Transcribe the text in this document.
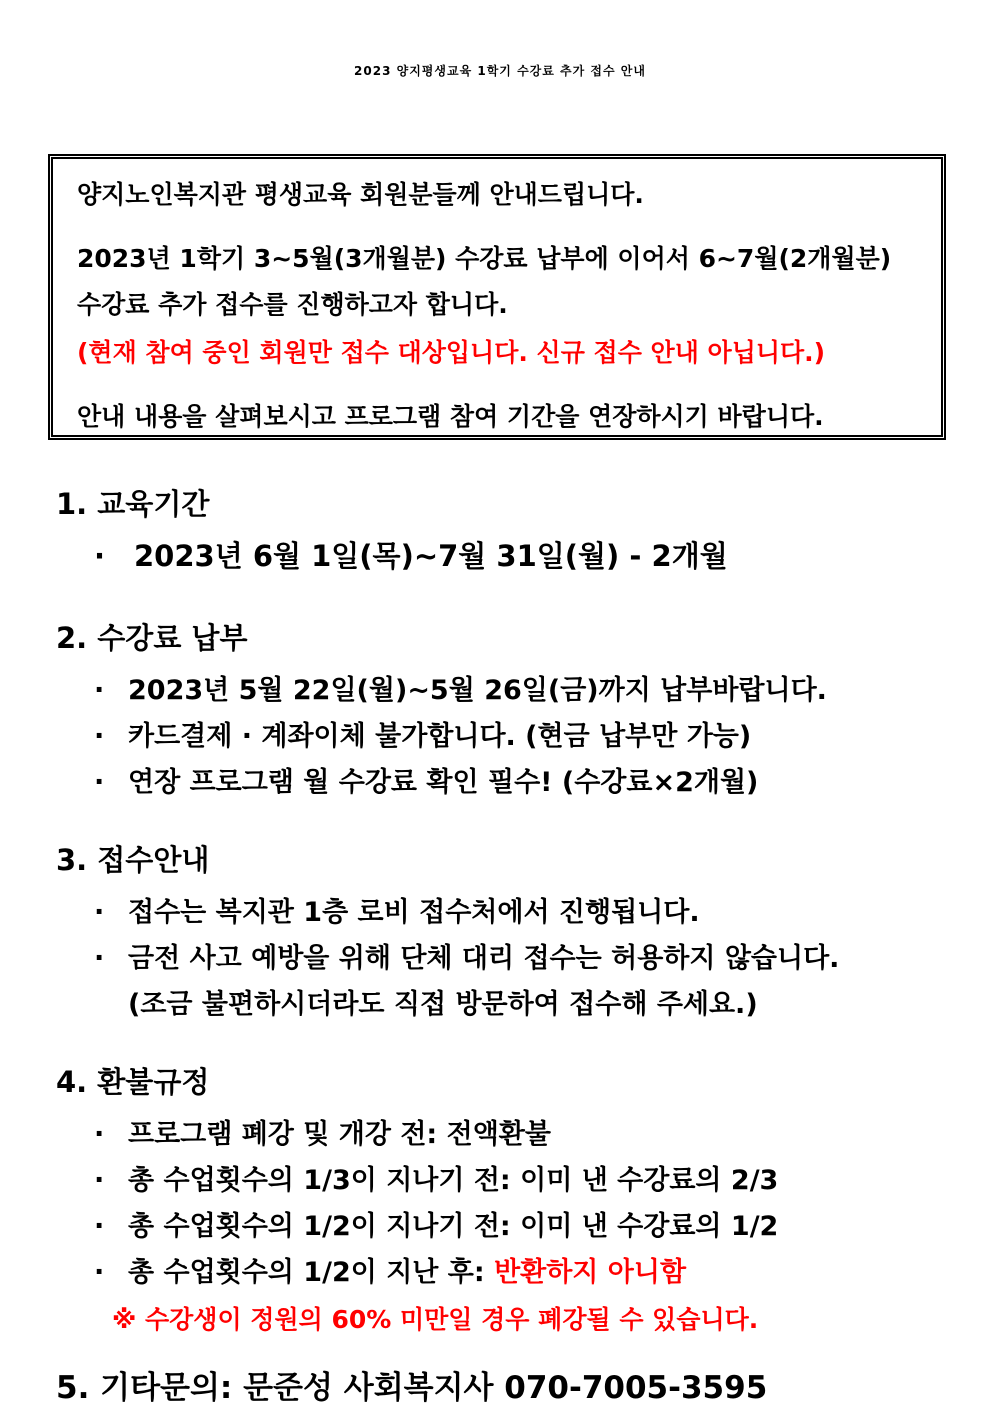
2023 양지평생교육 1학기 수강료 추가 접수 안내
양지노인복지관 평생교육 회원분들께 안내드립니다.
2023년 1학기 3~5월(3개월분) 수강료 납부에 이어서 6~7월(2개월분)
수강료 추가 접수를 진행하고자 합니다.
(현재 참여 중인 회원만 접수 대상입니다. 신규 접수 안내 아닙니다.)
안내 내용을 살펴보시고 프로그램 참여 기간을 연장하시기 바랍니다.
1. 교육기간
· 2023년 6월 1일(목)~7월 31일(월) - 2개월
2. 수강료 납부
· 2023년 5월 22일(월)~5월 26일(금)까지 납부바랍니다.
· 카드결제 · 계좌이체 불가합니다. (현금 납부만 가능)
· 연장 프로그램 월 수강료 확인 필수! (수강료×2개월)
3. 접수안내
· 접수는 복지관 1층 로비 접수처에서 진행됩니다.
· 금전 사고 예방을 위해 단체 대리 접수는 허용하지 않습니다.
(조금 불편하시더라도 직접 방문하여 접수해 주세요.)
4. 환불규정
· 프로그램 폐강 및 개강 전: 전액환불
· 총 수업횟수의 1/3이 지나기 전: 이미 낸 수강료의 2/3
· 총 수업횟수의 1/2이 지나기 전: 이미 낸 수강료의 1/2
· 총 수업횟수의 1/2이 지난 후: 반환하지 아니함
※ 수강생이 정원의 60% 미만일 경우 폐강될 수 있습니다.
5. 기타문의: 문준성 사회복지사 070-7005-3595
